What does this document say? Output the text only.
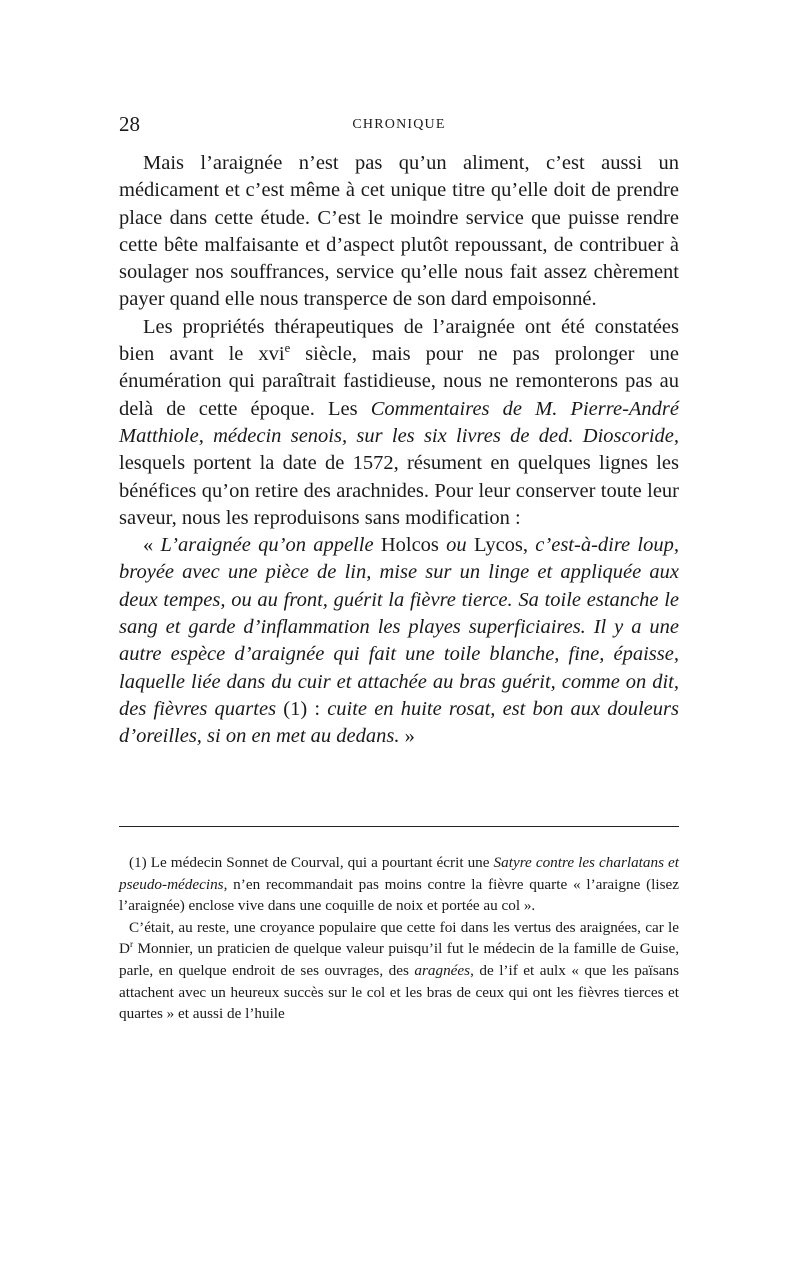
28	CHRONIQUE

Mais l’araignée n’est pas qu’un aliment, c’est aussi un médicament et c’est même à cet unique titre qu’elle doit de prendre place dans cette étude. C’est le moindre service que puisse rendre cette bête malfaisante et d’aspect plutôt repoussant, de contribuer à soulager nos souffrances, service qu’elle nous fait assez chèrement payer quand elle nous transperce de son dard empoisonné.

Les propriétés thérapeutiques de l’araignée ont été constatées bien avant le xvi$^e$ siècle, mais pour ne pas prolonger une énumération qui paraîtrait fastidieuse, nous ne remonterons pas au delà de cette époque. Les Commentaires de M. Pierre-André Matthiole, médecin senois, sur les six livres de ded. Dioscoride, lesquels portent la date de 1572, résument en quelques lignes les bénéfices qu’on retire des arachnides. Pour leur conserver toute leur saveur, nous les reproduisons sans modification :

« L’araignée qu’on appelle Holcos ou Lycos, c’est-à-dire loup, broyée avec une pièce de lin, mise sur un linge et appliquée aux deux tempes, ou au front, guérit la fièvre tierce. Sa toile estanche le sang et garde d’inflammation les playes superficiaires. Il y a une autre espèce d’araignée qui fait une toile blanche, fine, épaisse, laquelle liée dans du cuir et attachée au bras guérit, comme on dit, des fièvres quartes (1) : cuite en huite rosat, est bon aux douleurs d’oreilles, si on en met au dedans. »

(1) Le médecin Sonnet de Courval, qui a pourtant écrit une Satyre contre les charlatans et pseudo-médecins, n’en recommandait pas moins contre la fièvre quarte « l’araigne (lisez l’araignée) enclose vive dans une coquille de noix et portée au col ».

C’était, au reste, une croyance populaire que cette foi dans les vertus des araignées, car le $D^r$ Monnier, un praticien de quelque valeur puisqu’il fut le médecin de la famille de Guise, parle, en quelque endroit de ses ouvrages, des aragnées, de l’if et aulx « que les païsans attachent avec un heureux succès sur le col et les bras de ceux qui ont les fièvres tierces et quartes » et aussi de l’huile
